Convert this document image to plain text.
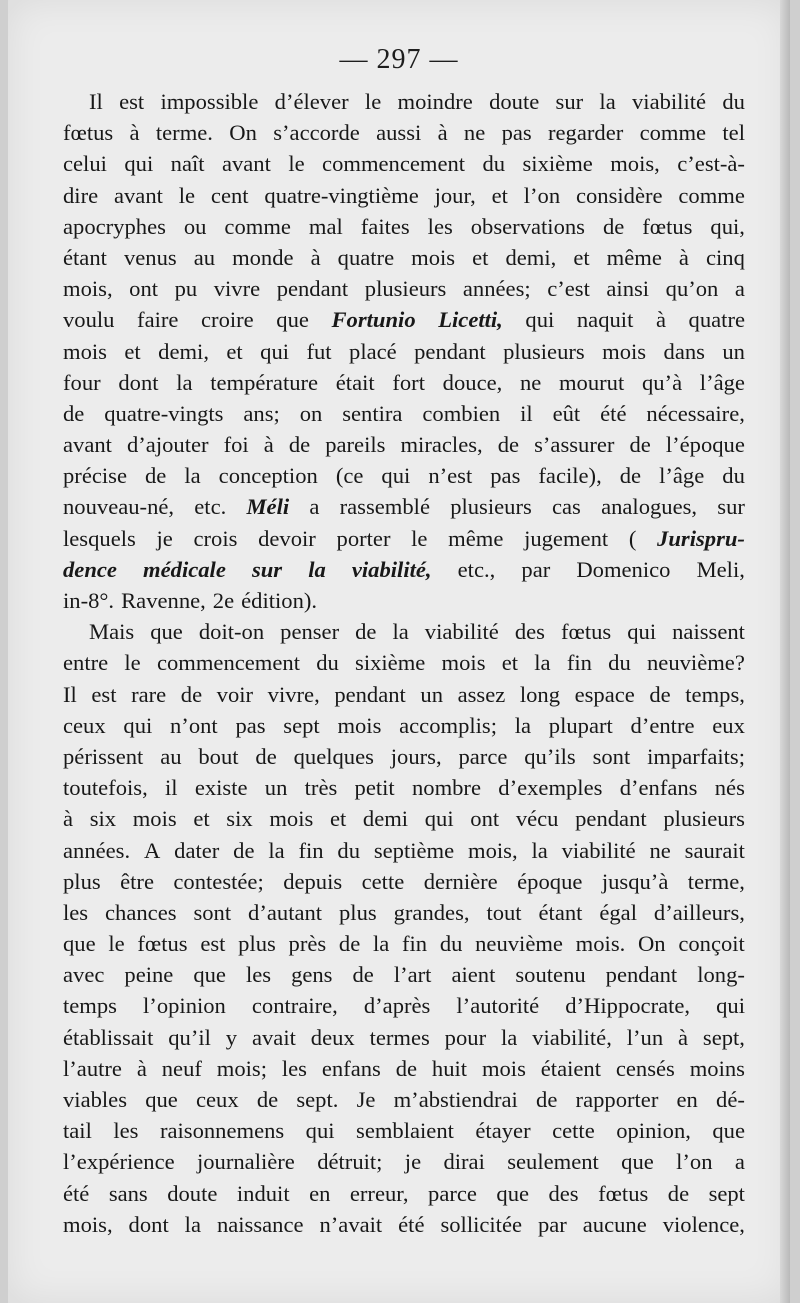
— 297 —
Il est impossible d’élever le moindre doute sur la viabilité du
fœtus à terme. On s’accorde aussi à ne pas regarder comme tel
celui qui naît avant le commencement du sixième mois, c’est-à-
dire avant le cent quatre-vingtième jour, et l’on considère comme
apocryphes ou comme mal faites les observations de fœtus qui,
étant venus au monde à quatre mois et demi, et même à cinq
mois, ont pu vivre pendant plusieurs années; c’est ainsi qu’on a
voulu faire croire que Fortunio Licetti, qui naquit à quatre
mois et demi, et qui fut placé pendant plusieurs mois dans un
four dont la température était fort douce, ne mourut qu’à l’âge
de quatre-vingts ans; on sentira combien il eût été nécessaire,
avant d’ajouter foi à de pareils miracles, de s’assurer de l’époque
précise de la conception (ce qui n’est pas facile), de l’âge du
nouveau-né, etc. Méli a rassemblé plusieurs cas analogues, sur
lesquels je crois devoir porter le même jugement ( Jurispru-
dence médicale sur la viabilité, etc., par Domenico Meli,
in-8°. Ravenne, 2e édition).
Mais que doit-on penser de la viabilité des fœtus qui naissent
entre le commencement du sixième mois et la fin du neuvième?
Il est rare de voir vivre, pendant un assez long espace de temps,
ceux qui n’ont pas sept mois accomplis; la plupart d’entre eux
périssent au bout de quelques jours, parce qu’ils sont imparfaits;
toutefois, il existe un très petit nombre d’exemples d’enfans nés
à six mois et six mois et demi qui ont vécu pendant plusieurs
années. A dater de la fin du septième mois, la viabilité ne saurait
plus être contestée; depuis cette dernière époque jusqu’à terme,
les chances sont d’autant plus grandes, tout étant égal d’ailleurs,
que le fœtus est plus près de la fin du neuvième mois. On conçoit
avec peine que les gens de l’art aient soutenu pendant long-
temps l’opinion contraire, d’après l’autorité d’Hippocrate, qui
établissait qu’il y avait deux termes pour la viabilité, l’un à sept,
l’autre à neuf mois; les enfans de huit mois étaient censés moins
viables que ceux de sept. Je m’abstiendrai de rapporter en dé-
tail les raisonnemens qui semblaient étayer cette opinion, que
l’expérience journalière détruit; je dirai seulement que l’on a
été sans doute induit en erreur, parce que des fœtus de sept
mois, dont la naissance n’avait été sollicitée par aucune violence,
